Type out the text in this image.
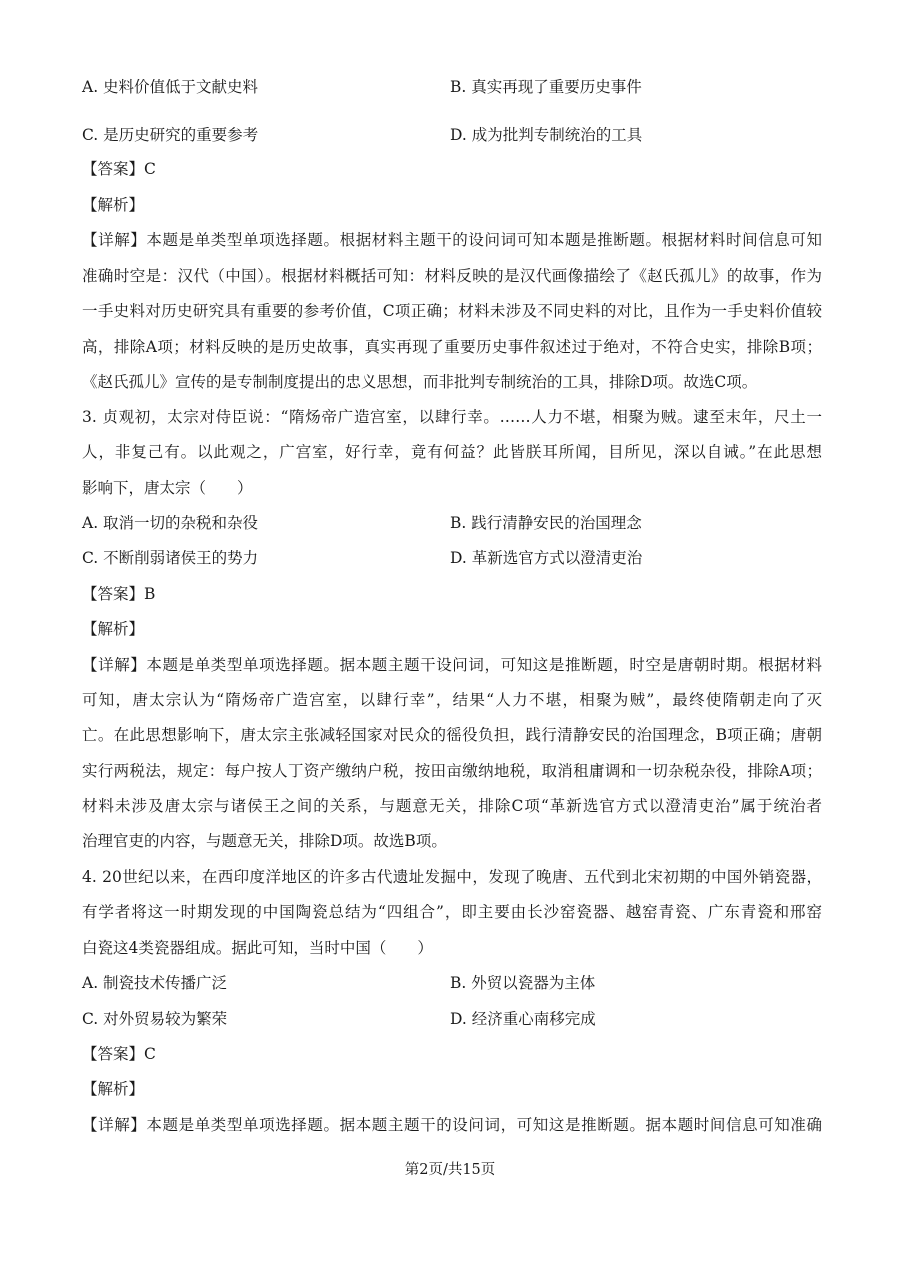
A. 史料价值低于文献史料	B. 真实再现了重要历史事件
C. 是历史研究的重要参考	D. 成为批判专制统治的工具
【答案】C
【解析】
【详解】本题是单类型单项选择题。根据材料主题干的设问词可知本题是推断题。根据材料时间信息可知
准确时空是：汉代（中国）。根据材料概括可知：材料反映的是汉代画像描绘了《赵氏孤儿》的故事，作为
一手史料对历史研究具有重要的参考价值，C项正确；材料未涉及不同史料的对比，且作为一手史料价值较
高，排除A项；材料反映的是历史故事，真实再现了重要历史事件叙述过于绝对，不符合史实，排除B项；
《赵氏孤儿》宣传的是专制制度提出的忠义思想，而非批判专制统治的工具，排除D项。故选C项。
3. 贞观初，太宗对侍臣说：“隋炀帝广造宫室，以肆行幸。……人力不堪，相聚为贼。逮至末年，尺土一
人，非复己有。以此观之，广宫室，好行幸，竟有何益？此皆朕耳所闻，目所见，深以自诫。”在此思想
影响下，唐太宗（　　）
A. 取消一切的杂税和杂役	B. 践行清静安民的治国理念
C. 不断削弱诸侯王的势力	D. 革新选官方式以澄清吏治
【答案】B
【解析】
【详解】本题是单类型单项选择题。据本题主题干设问词，可知这是推断题，时空是唐朝时期。根据材料
可知，唐太宗认为“隋炀帝广造宫室，以肆行幸”，结果“人力不堪，相聚为贼”，最终使隋朝走向了灭
亡。在此思想影响下，唐太宗主张减轻国家对民众的徭役负担，践行清静安民的治国理念，B项正确；唐朝
实行两税法，规定：每户按人丁资产缴纳户税，按田亩缴纳地税，取消租庸调和一切杂税杂役，排除A项；
材料未涉及唐太宗与诸侯王之间的关系，与题意无关，排除C项“革新选官方式以澄清吏治”属于统治者
治理官吏的内容，与题意无关，排除D项。故选B项。
4. 20世纪以来，在西印度洋地区的许多古代遗址发掘中，发现了晚唐、五代到北宋初期的中国外销瓷器，
有学者将这一时期发现的中国陶瓷总结为“四组合”，即主要由长沙窑瓷器、越窑青瓷、广东青瓷和邢窑
白瓷这4类瓷器组成。据此可知，当时中国（　　）
A. 制瓷技术传播广泛	B. 外贸以瓷器为主体
C. 对外贸易较为繁荣	D. 经济重心南移完成
【答案】C
【解析】
【详解】本题是单类型单项选择题。据本题主题干的设问词，可知这是推断题。据本题时间信息可知准确
第2页/共15页
